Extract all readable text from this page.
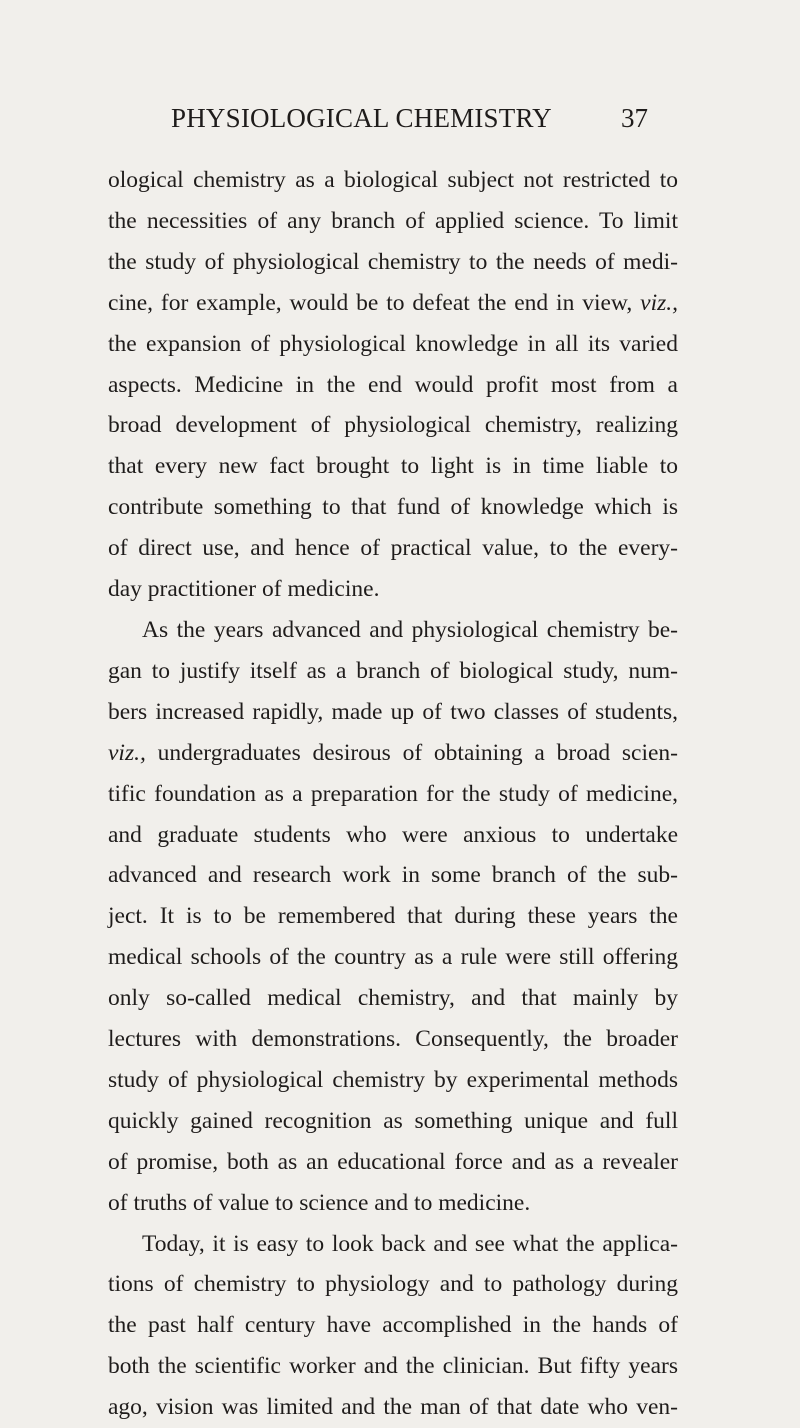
PHYSIOLOGICAL CHEMISTRY	37
ological chemistry as a biological subject not restricted to
the necessities of any branch of applied science. To limit
the study of physiological chemistry to the needs of medi-
cine, for example, would be to defeat the end in view, viz.,
the expansion of physiological knowledge in all its varied
aspects. Medicine in the end would profit most from a
broad development of physiological chemistry, realizing
that every new fact brought to light is in time liable to
contribute something to that fund of knowledge which is
of direct use, and hence of practical value, to the every-
day practitioner of medicine.
As the years advanced and physiological chemistry be-
gan to justify itself as a branch of biological study, num-
bers increased rapidly, made up of two classes of students,
viz., undergraduates desirous of obtaining a broad scien-
tific foundation as a preparation for the study of medicine,
and graduate students who were anxious to undertake
advanced and research work in some branch of the sub-
ject. It is to be remembered that during these years the
medical schools of the country as a rule were still offering
only so-called medical chemistry, and that mainly by
lectures with demonstrations. Consequently, the broader
study of physiological chemistry by experimental methods
quickly gained recognition as something unique and full
of promise, both as an educational force and as a revealer
of truths of value to science and to medicine.
Today, it is easy to look back and see what the applica-
tions of chemistry to physiology and to pathology during
the past half century have accomplished in the hands of
both the scientific worker and the clinician. But fifty years
ago, vision was limited and the man of that date who ven-
